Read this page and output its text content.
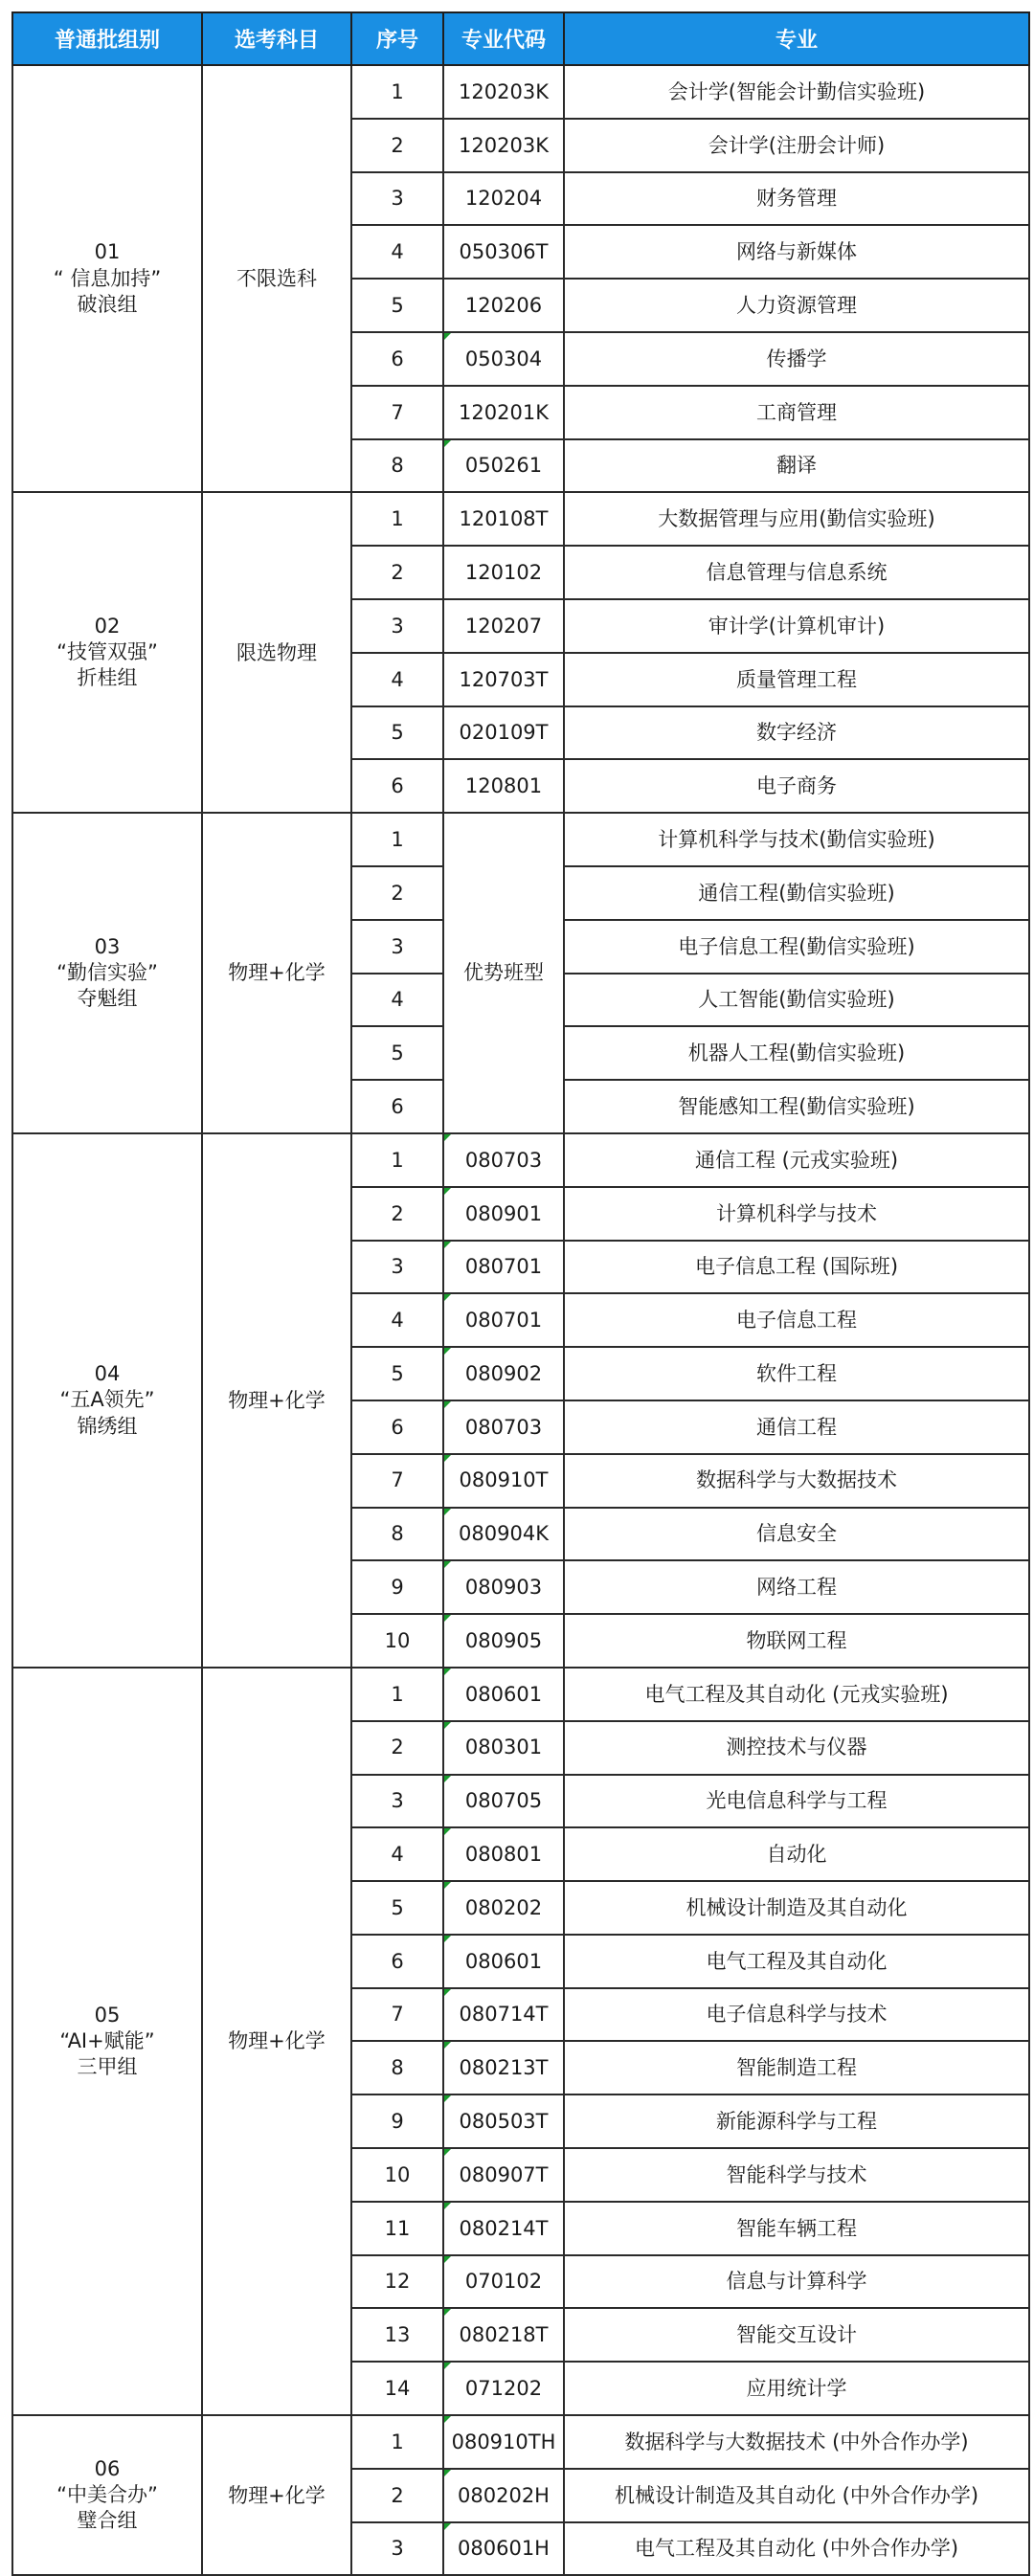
普通批组别	选考科目	序号	专业代码	专业

01
“ 信息加持”
破浪组	不限选科	1	120203K	会计学(智能会计勤信实验班)
		2	120203K	会计学(注册会计师)
		3	120204	财务管理
		4	050306T	网络与新媒体
		5	120206	人力资源管理
		6	050304	传播学
		7	120201K	工商管理
		8	050261	翻译

02
“技管双强”
折桂组	限选物理	1	120108T	大数据管理与应用(勤信实验班)
		2	120102	信息管理与信息系统
		3	120207	审计学(计算机审计)
		4	120703T	质量管理工程
		5	020109T	数字经济
		6	120801	电子商务

03
“勤信实验”
夺魁组	物理+化学	1	优势班型	计算机科学与技术(勤信实验班)
		2		通信工程(勤信实验班)
		3		电子信息工程(勤信实验班)
		4		人工智能(勤信实验班)
		5		机器人工程(勤信实验班)
		6		智能感知工程(勤信实验班)

04
“五A领先”
锦绣组	物理+化学	1	080703	通信工程 (元戎实验班)
		2	080901	计算机科学与技术
		3	080701	电子信息工程 (国际班)
		4	080701	电子信息工程
		5	080902	软件工程
		6	080703	通信工程
		7	080910T	数据科学与大数据技术
		8	080904K	信息安全
		9	080903	网络工程
		10	080905	物联网工程

05
“AI+赋能”
三甲组	物理+化学	1	080601	电气工程及其自动化 (元戎实验班)
		2	080301	测控技术与仪器
		3	080705	光电信息科学与工程
		4	080801	自动化
		5	080202	机械设计制造及其自动化
		6	080601	电气工程及其自动化
		7	080714T	电子信息科学与技术
		8	080213T	智能制造工程
		9	080503T	新能源科学与工程
		10	080907T	智能科学与技术
		11	080214T	智能车辆工程
		12	070102	信息与计算科学
		13	080218T	智能交互设计
		14	071202	应用统计学

06
“中美合办”
璧合组	物理+化学	1	080910TH	数据科学与大数据技术 (中外合作办学)
		2	080202H	机械设计制造及其自动化 (中外合作办学)
		3	080601H	电气工程及其自动化 (中外合作办学)
